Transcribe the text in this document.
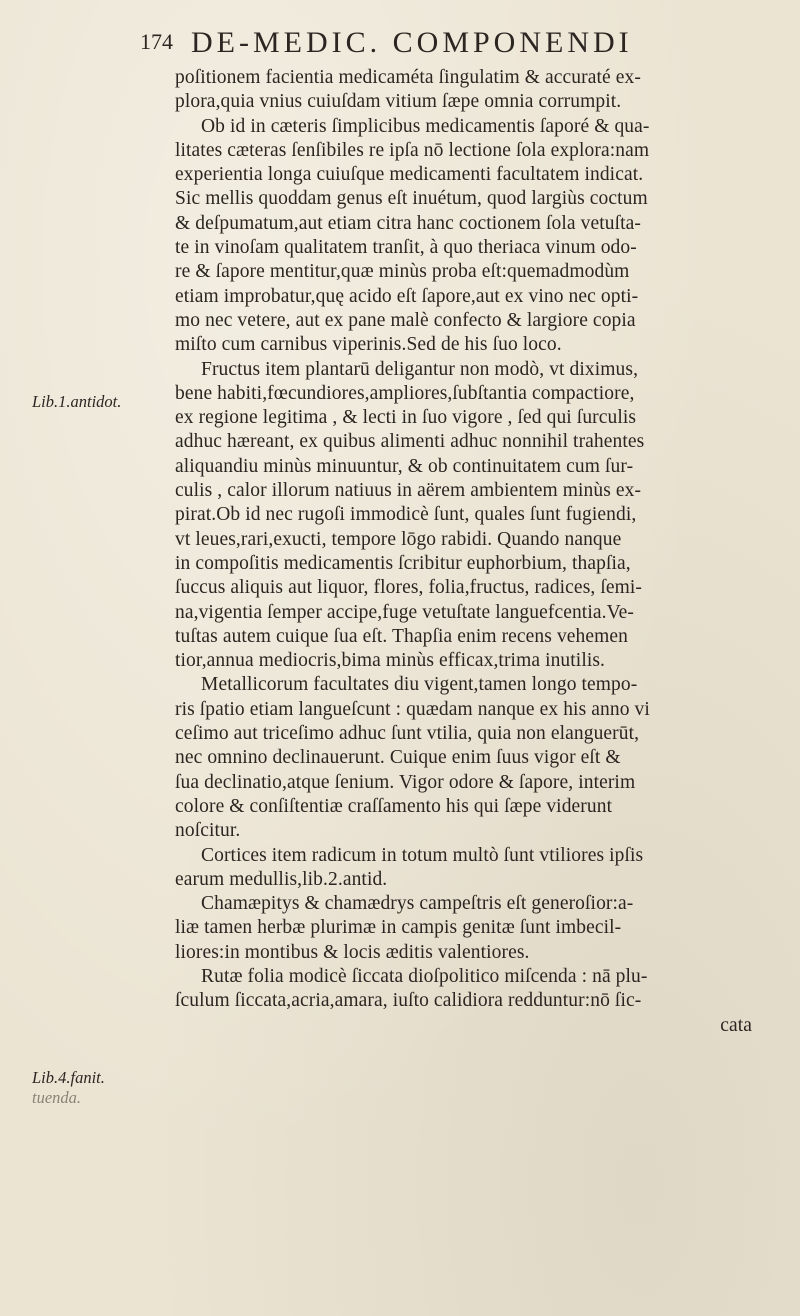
174 DE-MEDIC. COMPONENDI
Lib.1.antidot.
Lib.4.fanit.
tuenda.
poſitionem facientia medicaméta ſingulatim & accuraté ex-
plora,quia vnius cuiuſdam vitium ſæpe omnia corrumpit.
Ob id in cæteris ſimplicibus medicamentis ſaporé & qua-
litates cæteras ſenſibiles re ipſa nō lectione ſola explora:nam
experientia longa cuiuſque medicamenti facultatem indicat.
Sic mellis quoddam genus eſt inuétum, quod largiùs coctum
& deſpumatum,aut etiam citra hanc coctionem ſola vetuſta-
te in vinoſam qualitatem tranſit, à quo theriaca vinum odo-
re & ſapore mentitur,quæ minùs proba eſt:quemadmodùm
etiam improbatur,quę acido eſt ſapore,aut ex vino nec opti-
mo nec vetere, aut ex pane malè confecto & largiore copia
miſto cum carnibus viperinis.Sed de his ſuo loco.
Fructus item plantarū deligantur non modò, vt diximus,
bene habiti,fœcundiores,ampliores,ſubſtantia compactiore,
ex regione legitima , & lecti in ſuo vigore , ſed qui ſurculis
adhuc hæreant, ex quibus alimenti adhuc nonnihil trahentes
aliquandiu minùs minuuntur, & ob continuitatem cum ſur-
culis , calor illorum natiuus in aërem ambientem minùs ex-
pirat.Ob id nec rugoſi immodicè ſunt, quales ſunt fugiendi,
vt leues,rari,exucti, tempore lōgo rabidi. Quando nanque
in compoſitis medicamentis ſcribitur euphorbium, thapſia,
ſuccus aliquis aut liquor, flores, folia,fructus, radices, ſemi-
na,vigentia ſemper accipe,fuge vetuſtate languefcentia.Ve-
tuſtas autem cuique ſua eſt. Thapſia enim recens vehemen
tior,annua mediocris,bima minùs efficax,trima inutilis.
Metallicorum facultates diu vigent,tamen longo tempo-
ris ſpatio etiam langueſcunt : quædam nanque ex his anno vi
ceſimo aut triceſimo adhuc ſunt vtilia, quia non elanguerūt,
nec omnino declinauerunt. Cuique enim ſuus vigor eſt &
ſua declinatio,atque ſenium. Vigor odore & ſapore, interim
colore & conſiſtentiæ craſſamento his qui ſæpe viderunt
noſcitur.
Cortices item radicum in totum multò ſunt vtiliores ipſis
earum medullis,lib.2.antid.
Chamæpitys & chamædrys campeſtris eſt generoſior:a-
liæ tamen herbæ plurimæ in campis genitæ ſunt imbecil-
liores:in montibus & locis æditis valentiores.
Rutæ folia modicè ſiccata dioſpolitico miſcenda : nā plu-
ſculum ſiccata,acria,amara, iuſto calidiora redduntur:nō ſic-
cata
